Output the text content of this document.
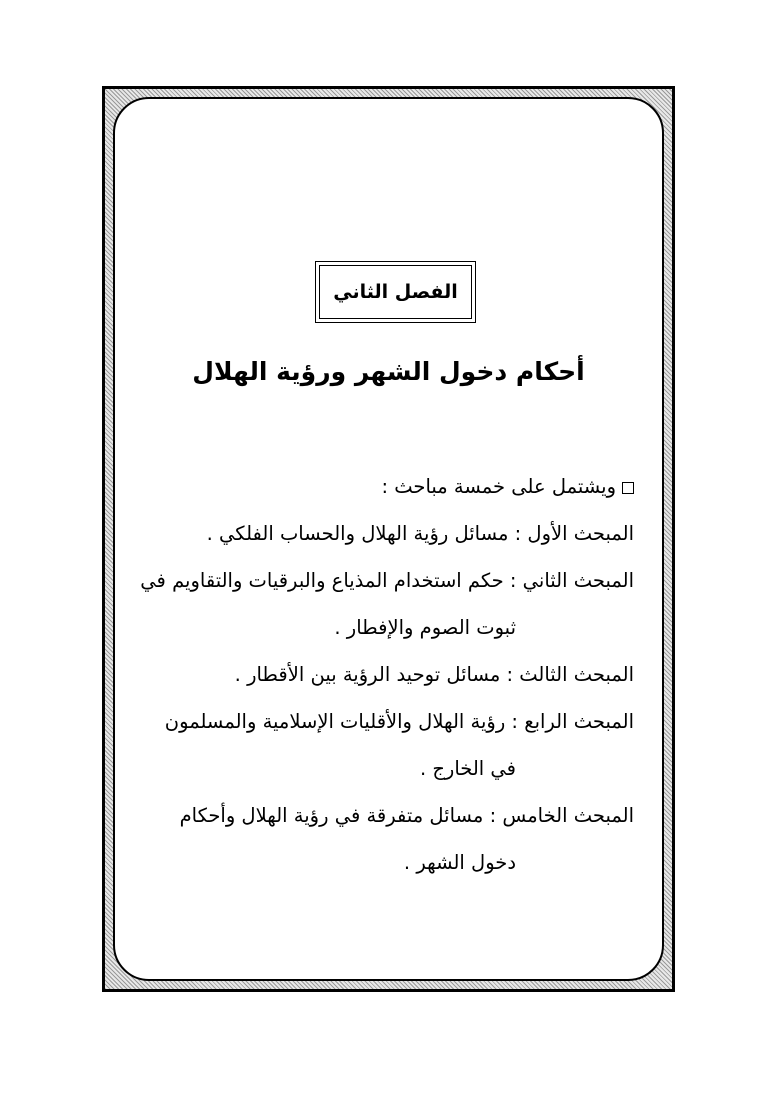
الفصل الثاني
أحكام دخول الشهر ورؤية الهلال
ويشتمل على خمسة مباحث :
المبحث الأول : مسائل رؤية الهلال والحساب الفلكي .
المبحث الثاني : حكم استخدام المذياع والبرقيات والتقاويم في
ثبوت الصوم والإفطار .
المبحث الثالث : مسائل توحيد الرؤية بين الأقطار .
المبحث الرابع : رؤية الهلال والأقليات الإسلامية والمسلمون
في الخارج .
المبحث الخامس : مسائل متفرقة في رؤية الهلال وأحكام
دخول الشهر .
